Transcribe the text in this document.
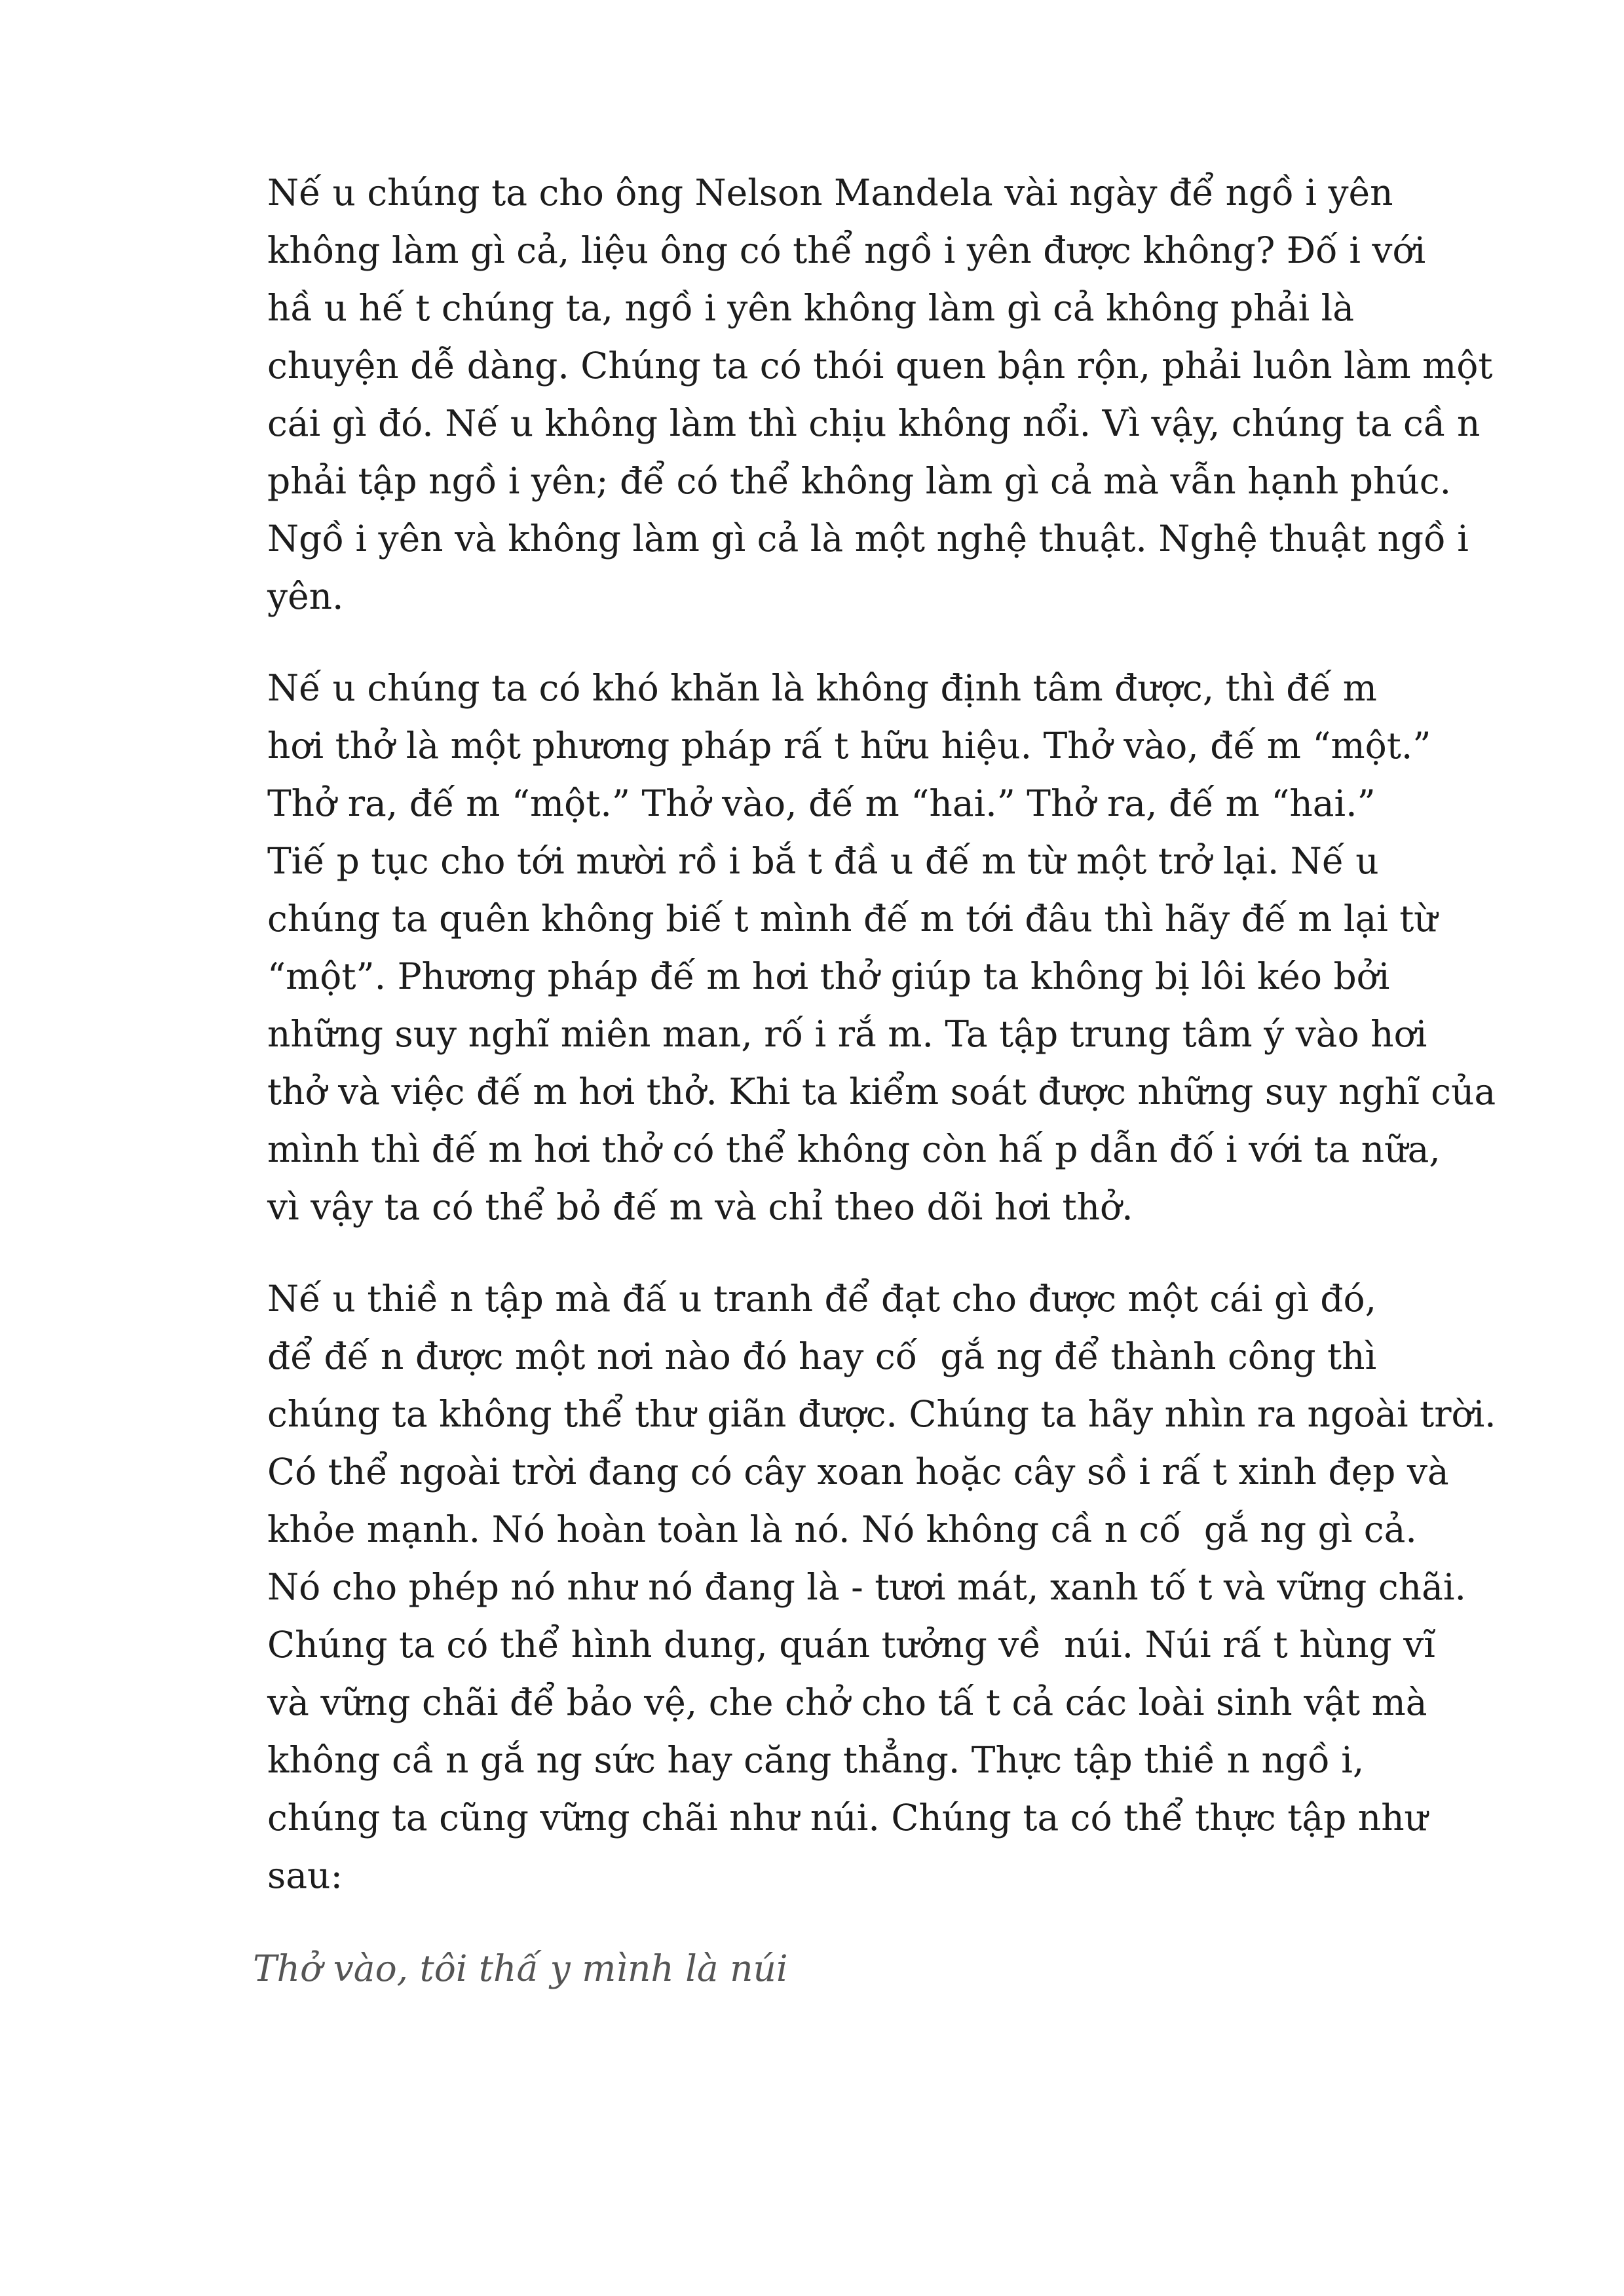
Nế u chúng ta cho ông Nelson Mandela vài ngày để ngồ i yên
không làm gì cả, liệu ông có thể ngồ i yên được không? Đố i với
hầ u hế t chúng ta, ngồ i yên không làm gì cả không phải là
chuyện dễ dàng. Chúng ta có thói quen bận rộn, phải luôn làm một
cái gì đó. Nế u không làm thì chịu không nổi. Vì vậy, chúng ta cầ n
phải tập ngồ i yên; để có thể không làm gì cả mà vẫn hạnh phúc.
Ngồ i yên và không làm gì cả là một nghệ thuật. Nghệ thuật ngồ i
yên.
Nế u chúng ta có khó khăn là không định tâm được, thì đế m
hơi thở là một phương pháp rấ t hữu hiệu. Thở vào, đế m “một.”
Thở ra, đế m “một.” Thở vào, đế m “hai.” Thở ra, đế m “hai.”
Tiế p tục cho tới mười rồ i bắ t đầ u đế m từ một trở lại. Nế u
chúng ta quên không biế t mình đế m tới đâu thì hãy đế m lại từ
“một”. Phương pháp đế m hơi thở giúp ta không bị lôi kéo bởi
những suy nghĩ miên man, rố i rắ m. Ta tập trung tâm ý vào hơi
thở và việc đế m hơi thở. Khi ta kiểm soát được những suy nghĩ của
mình thì đế m hơi thở có thể không còn hấ p dẫn đố i với ta nữa,
vì vậy ta có thể bỏ đế m và chỉ theo dõi hơi thở.
Nế u thiề n tập mà đấ u tranh để đạt cho được một cái gì đó,
để đế n được một nơi nào đó hay cố  gắ ng để thành công thì
chúng ta không thể thư giãn được. Chúng ta hãy nhìn ra ngoài trời.
Có thể ngoài trời đang có cây xoan hoặc cây sồ i rấ t xinh đẹp và
khỏe mạnh. Nó hoàn toàn là nó. Nó không cầ n cố  gắ ng gì cả.
Nó cho phép nó như nó đang là - tươi mát, xanh tố t và vững chãi.
Chúng ta có thể hình dung, quán tưởng về  núi. Núi rấ t hùng vĩ
và vững chãi để bảo vệ, che chở cho tấ t cả các loài sinh vật mà
không cầ n gắ ng sức hay căng thẳng. Thực tập thiề n ngồ i,
chúng ta cũng vững chãi như núi. Chúng ta có thể thực tập như
sau:
Thở vào, tôi thấ y mình là núi
